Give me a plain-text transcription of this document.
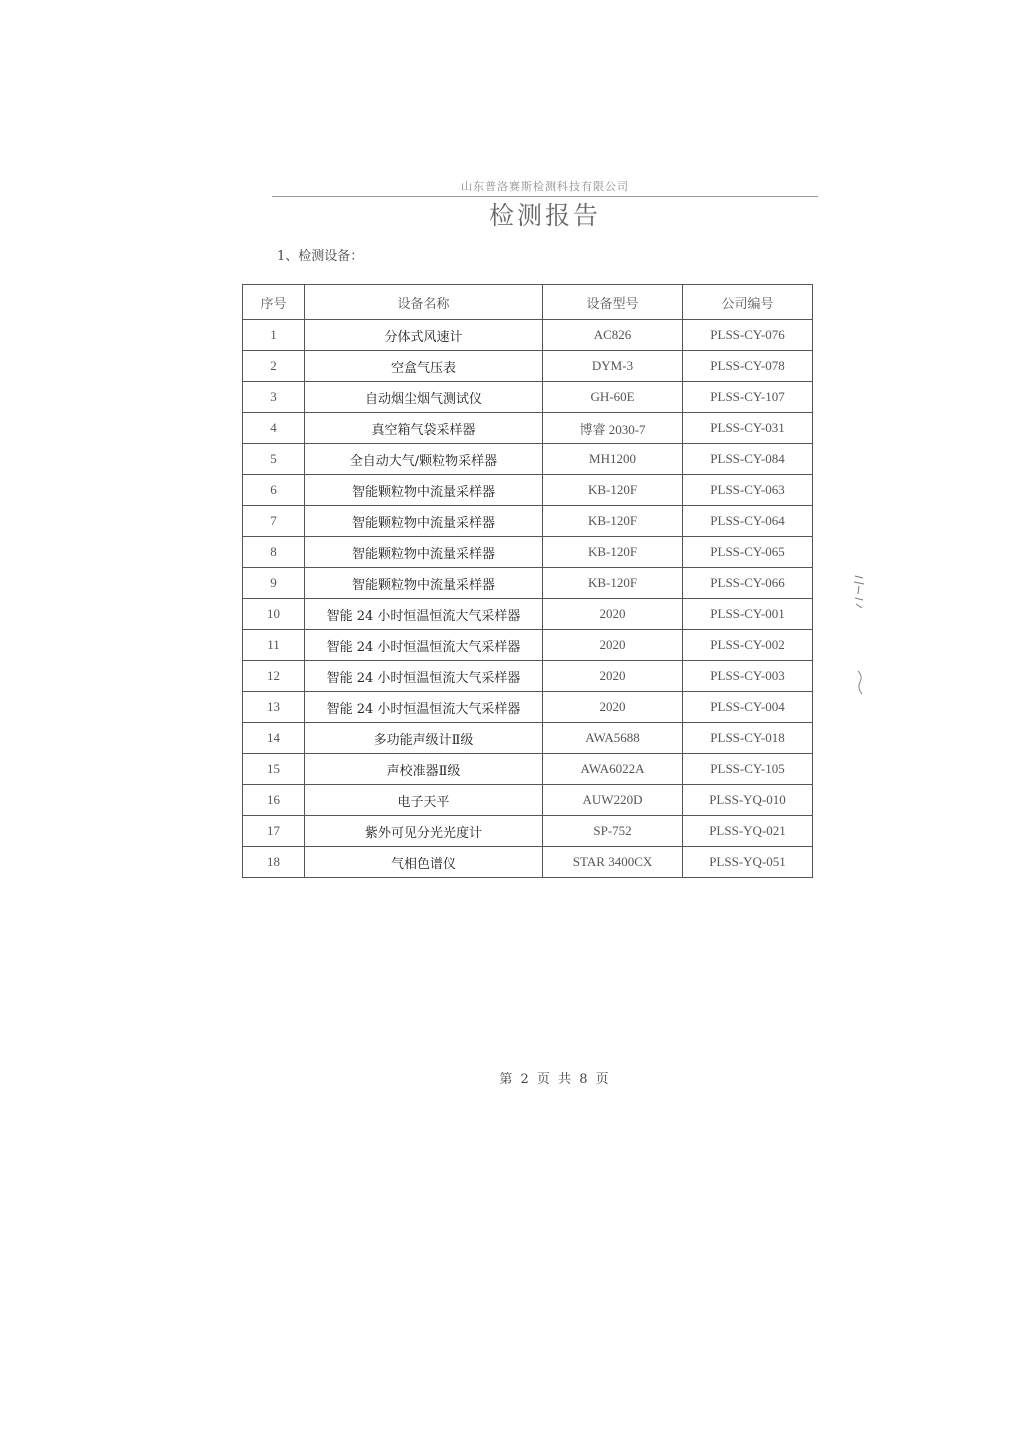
山东普洛赛斯检测科技有限公司
检测报告
1、检测设备：
序号	设备名称	设备型号	公司编号
1	分体式风速计	AC826	PLSS-CY-076
2	空盒气压表	DYM-3	PLSS-CY-078
3	自动烟尘烟气测试仪	GH-60E	PLSS-CY-107
4	真空箱气袋采样器	博睿 2030-7	PLSS-CY-031
5	全自动大气/颗粒物采样器	MH1200	PLSS-CY-084
6	智能颗粒物中流量采样器	KB-120F	PLSS-CY-063
7	智能颗粒物中流量采样器	KB-120F	PLSS-CY-064
8	智能颗粒物中流量采样器	KB-120F	PLSS-CY-065
9	智能颗粒物中流量采样器	KB-120F	PLSS-CY-066
10	智能 24 小时恒温恒流大气采样器	2020	PLSS-CY-001
11	智能 24 小时恒温恒流大气采样器	2020	PLSS-CY-002
12	智能 24 小时恒温恒流大气采样器	2020	PLSS-CY-003
13	智能 24 小时恒温恒流大气采样器	2020	PLSS-CY-004
14	多功能声级计Ⅱ级	AWA5688	PLSS-CY-018
15	声校准器Ⅱ级	AWA6022A	PLSS-CY-105
16	电子天平	AUW220D	PLSS-YQ-010
17	紫外可见分光光度计	SP-752	PLSS-YQ-021
18	气相色谱仪	STAR 3400CX	PLSS-YQ-051
第 2 页 共 8 页
